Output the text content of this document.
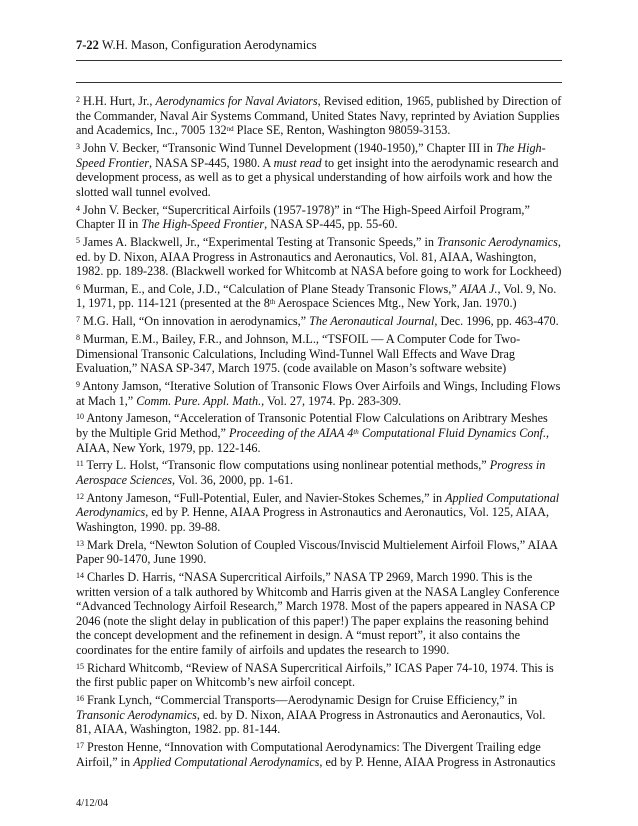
7-22 W.H. Mason, Configuration Aerodynamics

$^2$ H.H. Hurt, Jr., Aerodynamics for Naval Aviators, Revised edition, 1965, published by Direction of the Commander, Naval Air Systems Command, United States Navy, reprinted by Aviation Supplies and Academics, Inc., 7005 132nd Place SE, Renton, Washington 98059-3153.

$^3$ John V. Becker, “Transonic Wind Tunnel Development (1940-1950),” Chapter III in The High-Speed Frontier, NASA SP-445, 1980. A must read to get insight into the aerodynamic research and development process, as well as to get a physical understanding of how airfoils work and how the slotted wall tunnel evolved.

$^4$ John V. Becker, “Supercritical Airfoils (1957-1978)” in “The High-Speed Airfoil Program,” Chapter II in The High-Speed Frontier, NASA SP-445, pp. 55-60.

$^5$ James A. Blackwell, Jr., “Experimental Testing at Transonic Speeds,” in Transonic Aerodynamics, ed. by D. Nixon, AIAA Progress in Astronautics and Aeronautics, Vol. 81, AIAA, Washington, 1982. pp. 189-238. (Blackwell worked for Whitcomb at NASA before going to work for Lockheed)

$^6$ Murman, E., and Cole, J.D., “Calculation of Plane Steady Transonic Flows,” AIAA J., Vol. 9, No. 1, 1971, pp. 114-121 (presented at the 8th Aerospace Sciences Mtg., New York, Jan. 1970.)

$^7$ M.G. Hall, “On innovation in aerodynamics,” The Aeronautical Journal, Dec. 1996, pp. 463-470.

$^8$ Murman, E.M., Bailey, F.R., and Johnson, M.L., “TSFOIL — A Computer Code for Two-Dimensional Transonic Calculations, Including Wind-Tunnel Wall Effects and Wave Drag Evaluation,” NASA SP-347, March 1975. (code available on Mason’s software website)

$^9$ Antony Jamson, “Iterative Solution of Transonic Flows Over Airfoils and Wings, Including Flows at Mach 1,” Comm. Pure. Appl. Math., Vol. 27, 1974. Pp. 283-309.

$^{10}$ Antony Jameson, “Acceleration of Transonic Potential Flow Calculations on Aribtrary Meshes by the Multiple Grid Method,” Proceeding of the AIAA 4th Computational Fluid Dynamics Conf., AIAA, New York, 1979, pp. 122-146.

$^{11}$ Terry L. Holst, “Transonic flow computations using nonlinear potential methods,” Progress in Aerospace Sciences, Vol. 36, 2000, pp. 1-61.

$^{12}$ Antony Jameson, “Full-Potential, Euler, and Navier-Stokes Schemes,” in Applied Computational Aerodynamics, ed by P. Henne, AIAA Progress in Astronautics and Aeronautics, Vol. 125, AIAA, Washington, 1990. pp. 39-88.

$^{13}$ Mark Drela, “Newton Solution of Coupled Viscous/Inviscid Multielement Airfoil Flows,” AIAA Paper 90-1470, June 1990.

$^{14}$ Charles D. Harris, “NASA Supercritical Airfoils,” NASA TP 2969, March 1990. This is the written version of a talk authored by Whitcomb and Harris given at the NASA Langley Conference “Advanced Technology Airfoil Research,” March 1978. Most of the papers appeared in NASA CP 2046 (note the slight delay in publication of this paper!) The paper explains the reasoning behind the concept development and the refinement in design. A “must report”, it also contains the coordinates for the entire family of airfoils and updates the research to 1990.

$^{15}$ Richard Whitcomb, “Review of NASA Supercritical Airfoils,” ICAS Paper 74-10, 1974. This is the first public paper on Whitcomb’s new airfoil concept.

$^{16}$ Frank Lynch, “Commercial Transports—Aerodynamic Design for Cruise Efficiency,” in Transonic Aerodynamics, ed. by D. Nixon, AIAA Progress in Astronautics and Aeronautics, Vol. 81, AIAA, Washington, 1982. pp. 81-144.

$^{17}$ Preston Henne, “Innovation with Computational Aerodynamics: The Divergent Trailing edge Airfoil,” in Applied Computational Aerodynamics, ed by P. Henne, AIAA Progress in Astronautics

4/12/04
